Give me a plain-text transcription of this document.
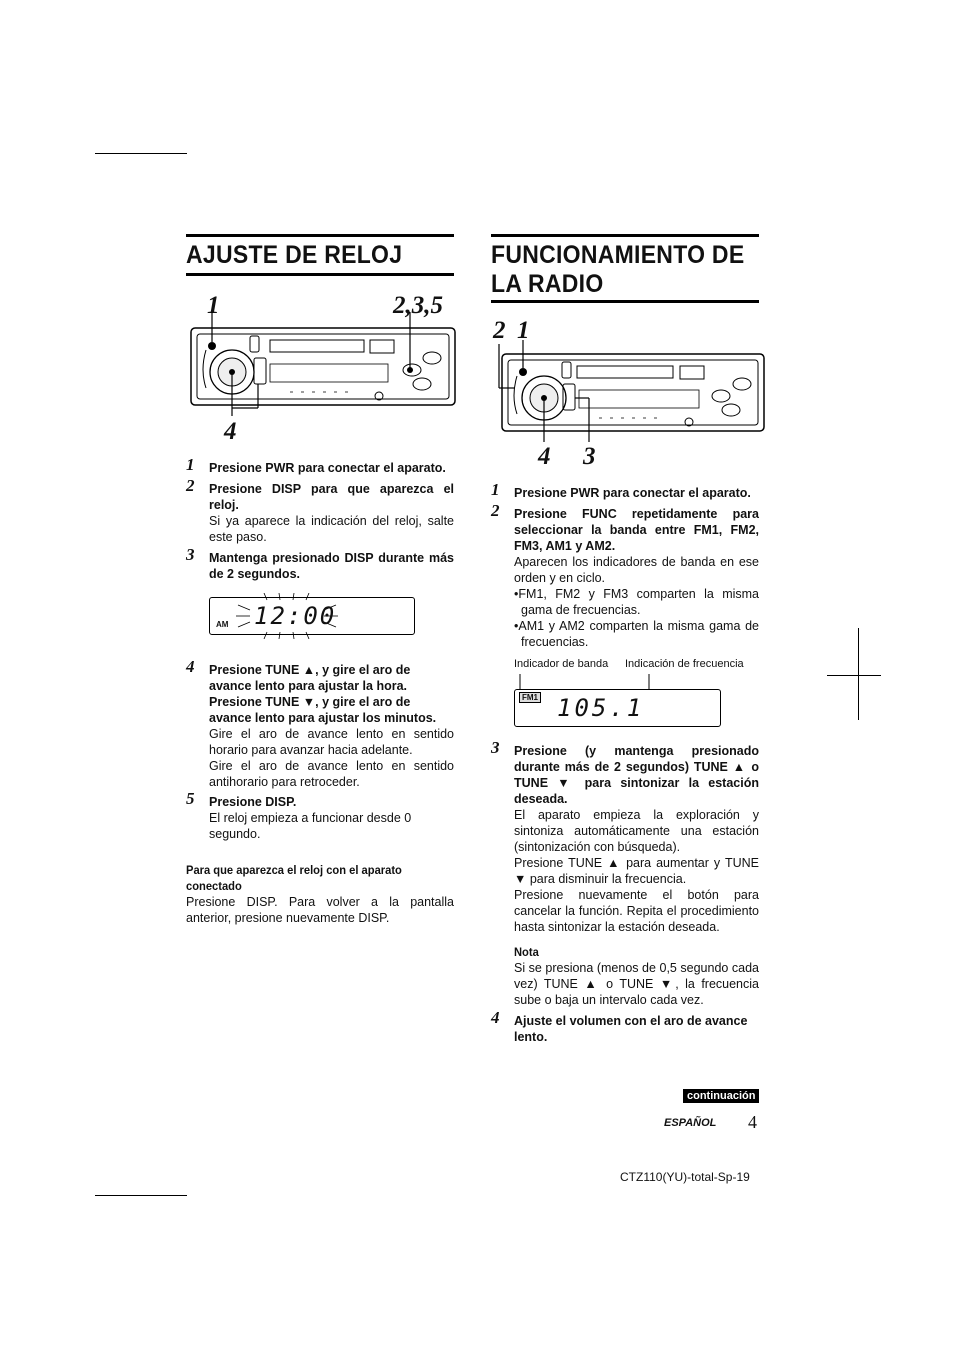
AJUSTE DE RELOJ
1	2,3,5
4
1 Presione PWR para conectar el aparato.

2 Presione DISP para que aparezca el reloj.

Si ya aparece la indicación del reloj, salte este paso.

3 Mantenga presionado DISP durante más de 2 segundos.

AM 12:00
4 Presione TUNE ▲, y gire el aro de avance lento para ajustar la hora.

Presione TUNE ▼, y gire el aro de avance lento para ajustar los minutos.

Gire el aro de avance lento en sentido horario para avanzar hacia adelante.

Gire el aro de avance lento en sentido antihorario para retroceder.

5 Presione DISP.

El reloj empieza a funcionar desde 0 segundo.

Para que aparezca el reloj con el aparato conectado

Presione DISP. Para volver a la pantalla anterior, presione nuevamente DISP.

FUNCIONAMIENTO DE LA RADIO
2 1
4 3
1 Presione PWR para conectar el aparato.

2 Presione FUNC repetidamente para seleccionar la banda entre FM1, FM2, FM3, AM1 y AM2.

Aparecen los indicadores de banda en ese orden y en ciclo.

•FM1, FM2 y FM3 comparten la misma gama de frecuencias.

•AM1 y AM2 comparten la misma gama de frecuencias.

Indicador de banda Indicación de frecuencia
FM1 105.1
3 Presione (y mantenga presionado durante más de 2 segundos) TUNE ▲ o TUNE ▼ para sintonizar la estación deseada.

El aparato empieza la exploración y sintoniza automáticamente una estación (sintonización con búsqueda).

Presione TUNE ▲ para aumentar y TUNE ▼ para disminuir la frecuencia.

Presione nuevamente el botón para cancelar la función. Repita el procedimiento hasta sintonizar la estación deseada.

Nota

Si se presiona (menos de 0,5 segundo cada vez) TUNE ▲ o TUNE ▼, la frecuencia sube o baja un intervalo cada vez.

4 Ajuste el volumen con el aro de avance lento.

continuación
ESPAÑOL 4
CTZ110(YU)-total-Sp-19
